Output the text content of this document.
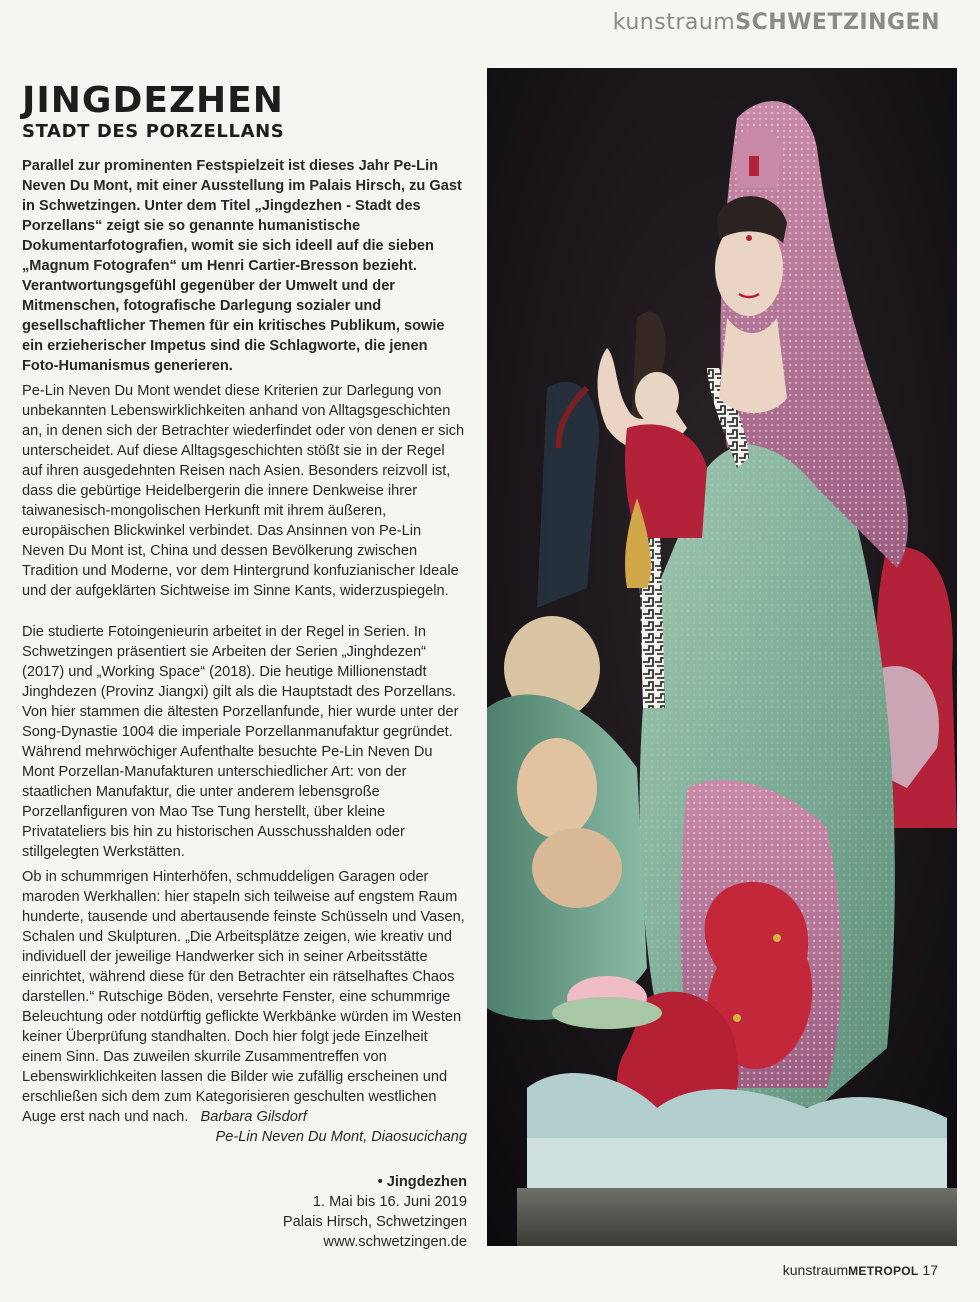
kunstraumSCHWETZINGEN
JINGDEZHEN
STADT DES PORZELLANS

Parallel zur prominenten Festspielzeit ist dieses Jahr Pe-Lin Neven Du Mont, mit einer Ausstellung im Palais Hirsch, zu Gast in Schwetzingen. Unter dem Titel „Jingdezhen - Stadt des Porzellans“ zeigt sie so genannte humanistische Dokumentarfotografien, womit sie sich ideell auf die sieben „Magnum Fotografen“ um Henri Cartier-Bresson bezieht. Verantwortungsgefühl gegenüber der Umwelt und der Mitmenschen, fotografische Darlegung sozialer und gesellschaftlicher Themen für ein kritisches Publikum, sowie ein erzieherischer Impetus sind die Schlagworte, die jenen Foto-Humanismus generieren.

Pe-Lin Neven Du Mont wendet diese Kriterien zur Darlegung von unbekannten Lebenswirklichkeiten anhand von Alltagsgeschichten an, in denen sich der Betrachter wiederfindet oder von denen er sich unterscheidet. Auf diese Alltagsgeschichten stößt sie in der Regel auf ihren ausgedehnten Reisen nach Asien. Besonders reizvoll ist, dass die gebürtige Heidelbergerin die innere Denkweise ihrer taiwanesisch-mongolischen Herkunft mit ihrem äußeren, europäischen Blickwinkel verbindet. Das Ansinnen von Pe-Lin Neven Du Mont ist, China und dessen Bevölkerung zwischen Tradition und Moderne, vor dem Hintergrund konfuzianischer Ideale und der aufgeklärten Sichtweise im Sinne Kants, widerzuspiegeln.

Die studierte Fotoingenieurin arbeitet in der Regel in Serien. In Schwetzingen präsentiert sie Arbeiten der Serien „Jinghdezen“ (2017) und „Working Space“ (2018). Die heutige Millionenstadt Jinghdezen (Provinz Jiangxi) gilt als die Hauptstadt des Porzellans. Von hier stammen die ältesten Porzellanfunde, hier wurde unter der Song-Dynastie 1004 die imperiale Porzellanmanufaktur gegründet. Während mehrwöchiger Aufenthalte besuchte Pe-Lin Neven Du Mont Porzellan-Manufakturen unterschiedlicher Art: von der staatlichen Manufaktur, die unter anderem lebensgroße Porzellanfiguren von Mao Tse Tung herstellt, über kleine Privatateliers bis hin zu historischen Ausschusshalden oder stillgelegten Werkstätten.

Ob in schummrigen Hinterhöfen, schmuddeligen Garagen oder maroden Werkhallen: hier stapeln sich teilweise auf engstem Raum hunderte, tausende und abertausende feinste Schüsseln und Vasen, Schalen und Skulpturen. „Die Arbeitsplätze zeigen, wie kreativ und individuell der jeweilige Handwerker sich in seiner Arbeitsstätte einrichtet, während diese für den Betrachter ein rätselhaftes Chaos darstellen.“ Rutschige Böden, versehrte Fenster, eine schummrige Beleuchtung oder notdürftig geflickte Werkbänke würden im Westen keiner Überprüfung standhalten. Doch hier folgt jede Einzelheit einem Sinn. Das zuweilen skurrile Zusammentreffen von Lebenswirklichkeiten lassen die Bilder wie zufällig erscheinen und erschließen sich dem zum Kategorisieren geschulten westlichen Auge erst nach und nach. Barbara Gilsdorf

Pe-Lin Neven Du Mont, Diaosucichang
• Jingdezhen
1. Mai bis 16. Juni 2019
Palais Hirsch, Schwetzingen
www.schwetzingen.de
kunstraumMETROPOL 17
